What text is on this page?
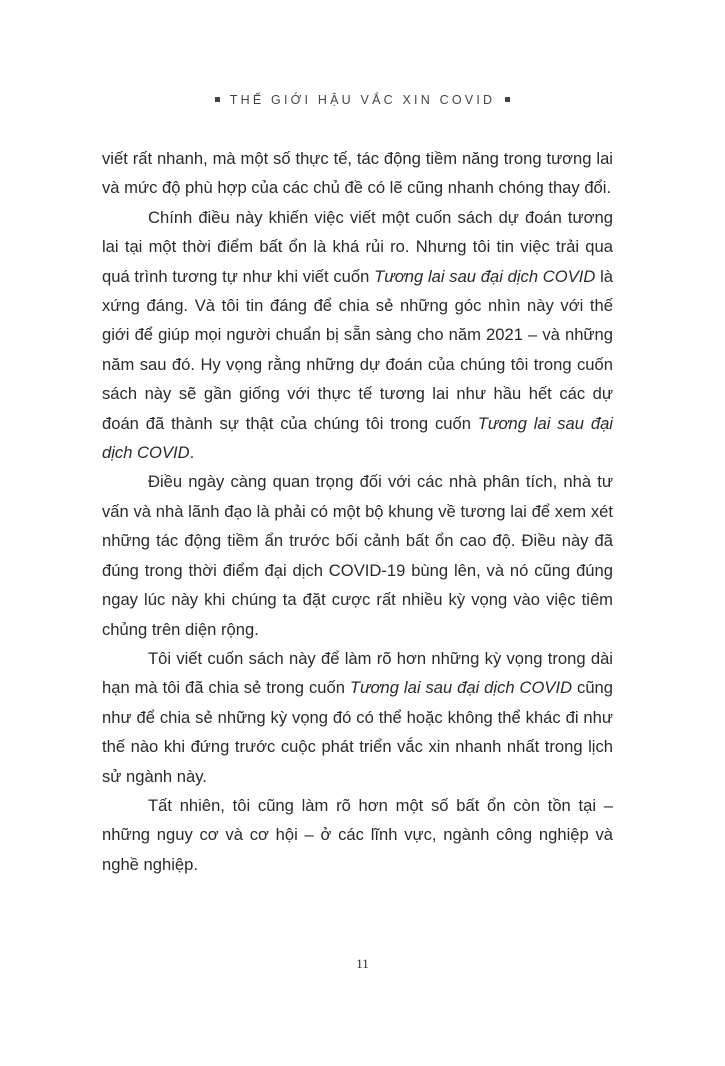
THẾ GIỚI HẬU VẮC XIN COVID

viết rất nhanh, mà một số thực tế, tác động tiềm năng trong tương lai và mức độ phù hợp của các chủ đề có lẽ cũng nhanh chóng thay đổi.

Chính điều này khiến việc viết một cuốn sách dự đoán tương lai tại một thời điểm bất ổn là khá rủi ro. Nhưng tôi tin việc trải qua quá trình tương tự như khi viết cuốn Tương lai sau đại dịch COVID là xứng đáng. Và tôi tin đáng để chia sẻ những góc nhìn này với thế giới để giúp mọi người chuẩn bị sẵn sàng cho năm 2021 – và những năm sau đó. Hy vọng rằng những dự đoán của chúng tôi trong cuốn sách này sẽ gần giống với thực tế tương lai như hầu hết các dự đoán đã thành sự thật của chúng tôi trong cuốn Tương lai sau đại dịch COVID.

Điều ngày càng quan trọng đối với các nhà phân tích, nhà tư vấn và nhà lãnh đạo là phải có một bộ khung về tương lai để xem xét những tác động tiềm ẩn trước bối cảnh bất ổn cao độ. Điều này đã đúng trong thời điểm đại dịch COVID-19 bùng lên, và nó cũng đúng ngay lúc này khi chúng ta đặt cược rất nhiều kỳ vọng vào việc tiêm chủng trên diện rộng.

Tôi viết cuốn sách này để làm rõ hơn những kỳ vọng trong dài hạn mà tôi đã chia sẻ trong cuốn Tương lai sau đại dịch COVID cũng như để chia sẻ những kỳ vọng đó có thể hoặc không thể khác đi như thế nào khi đứng trước cuộc phát triển vắc xin nhanh nhất trong lịch sử ngành này.

Tất nhiên, tôi cũng làm rõ hơn một số bất ổn còn tồn tại – những nguy cơ và cơ hội – ở các lĩnh vực, ngành công nghiệp và nghề nghiệp.

11
